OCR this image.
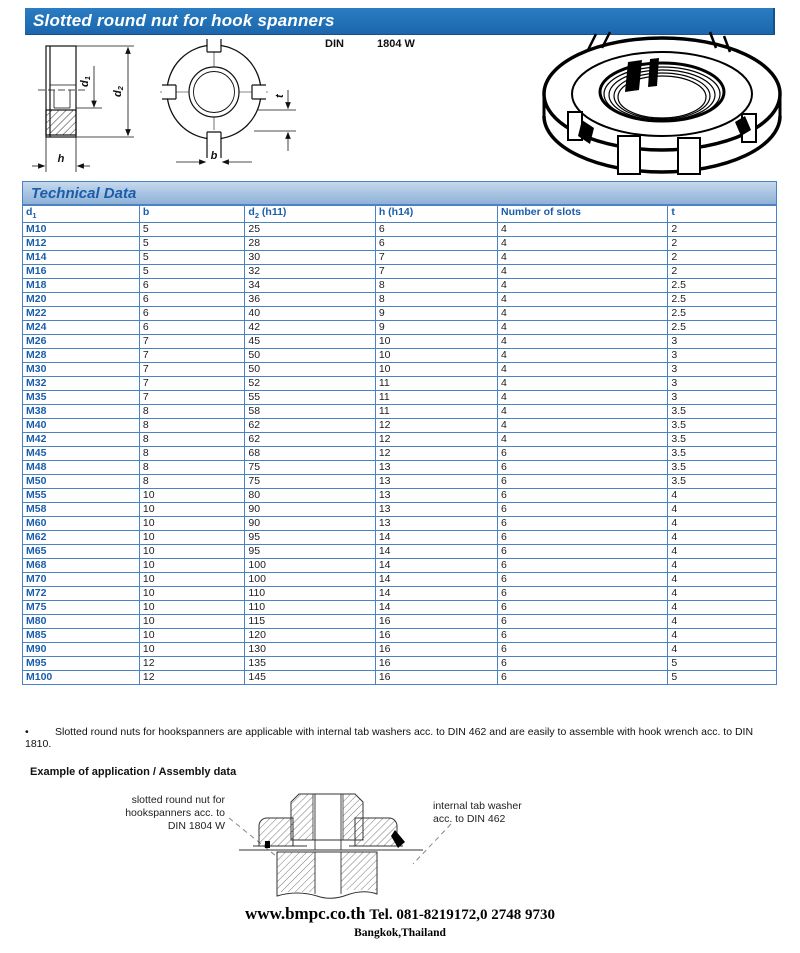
Slotted round nut for hook spanners
DIN	1804 W
d1
d2
h	b
t
Technical Data
$d_1$	b	$d_2$ (h11)	h (h14)	Number of slots	t
M10	5	25	6	4	2
M12	5	28	6	4	2
M14	5	30	7	4	2
M16	5	32	7	4	2
M18	6	34	8	4	2.5
M20	6	36	8	4	2.5
M22	6	40	9	4	2.5
M24	6	42	9	4	2.5
M26	7	45	10	4	3
M28	7	50	10	4	3
M30	7	50	10	4	3
M32	7	52	11	4	3
M35	7	55	11	4	3
M38	8	58	11	4	3.5
M40	8	62	12	4	3.5
M42	8	62	12	4	3.5
M45	8	68	12	6	3.5
M48	8	75	13	6	3.5
M50	8	75	13	6	3.5
M55	10	80	13	6	4
M58	10	90	13	6	4
M60	10	90	13	6	4
M62	10	95	14	6	4
M65	10	95	14	6	4
M68	10	100	14	6	4
M70	10	100	14	6	4
M72	10	110	14	6	4
M75	10	110	14	6	4
M80	10	115	16	6	4
M85	10	120	16	6	4
M90	10	130	16	6	4
M95	12	135	16	6	5
M100	12	145	16	6	5
•	Slotted round nuts for hookspanners are applicable with internal tab washers acc. to DIN 462 and are easily to assemble with hook wrench acc. to DIN 1810.
Example of application / Assembly data
slotted round nut for
hookspanners acc. to
DIN 1804 W
internal tab washer
acc. to DIN 462
www.bmpc.co.th Tel. 081-8219172,0 2748 9730
Bangkok,Thailand
